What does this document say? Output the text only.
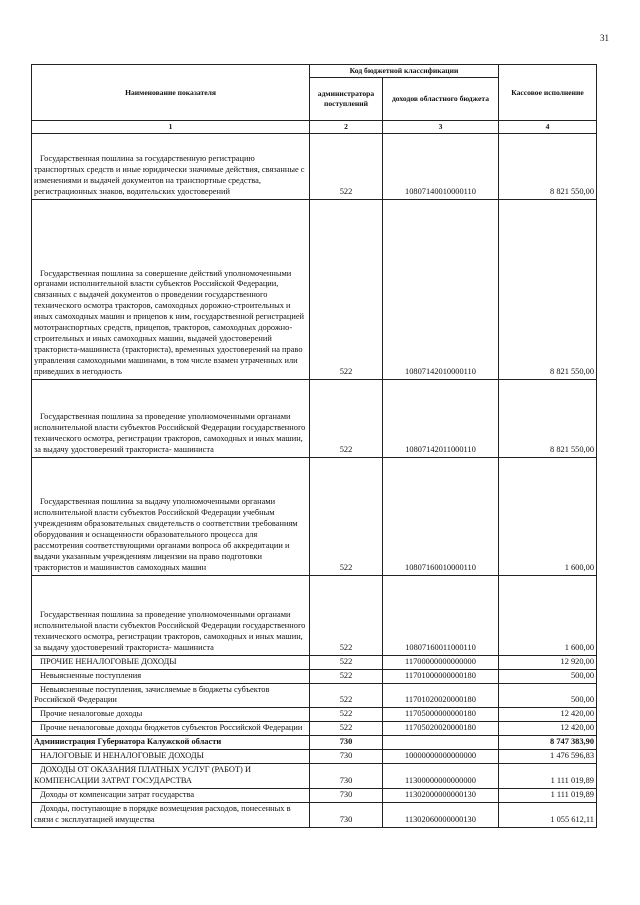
31
Наименование показателя	Код бюджетной классификации		Кассовое исполнение
	администратора поступлений	доходов областного бюджета	
1	2	3	4
Государственная пошлина за государственную регистрацию транспортных средств и иные юридически значимые действия, связанные с изменениями и выдачей документов на транспортные средства, регистрационных знаков, водительских удостоверений	522	10807140010000110	8 821 550,00
Государственная пошлина за совершение действий уполномоченными органами исполнительной власти субъектов Российской Федерации, связанных с выдачей документов о проведении государственного технического осмотра тракторов, самоходных дорожно-строительных и иных самоходных машин и прицепов к ним, государственной регистрацией мототранспортных средств, прицепов, тракторов, самоходных дорожно-строительных и иных самоходных машин, выдачей удостоверений тракториста-машиниста (тракториста), временных удостоверений на право управления самоходными машинами, в том числе взамен утраченных или приведших в негодность	522	10807142010000110	8 821 550,00
Государственная пошлина за проведение уполномоченными органами исполнительной власти субъектов Российской Федерации государственного технического осмотра, регистрации тракторов, самоходных и иных машин, за выдачу удостоверений тракториста- машиниста	522	10807142011000110	8 821 550,00
Государственная пошлина за выдачу уполномоченными органами исполнительной власти субъектов Российской Федерации учебным учреждениям образовательных свидетельств о соответствии требованиям оборудования и оснащенности образовательного процесса для рассмотрения соответствующими органами вопроса об аккредитации и выдачи указанным учреждениям лицензии на право подготовки трактористов и машинистов самоходных машин	522	10807160010000110	1 600,00
Государственная пошлина за проведение уполномоченными органами исполнительной власти субъектов Российской Федерации государственного технического осмотра, регистрации тракторов, самоходных и иных машин, за выдачу удостоверений тракториста- машиниста	522	10807160011000110	1 600,00
ПРОЧИЕ НЕНАЛОГОВЫЕ ДОХОДЫ	522	11700000000000000	12 920,00
Невыясненные поступления	522	11701000000000180	500,00
Невыясненные поступления, зачисляемые в бюджеты субъектов Российской Федерации	522	11701020020000180	500,00
Прочие неналоговые доходы	522	11705000000000180	12 420,00
Прочие неналоговые доходы бюджетов субъектов Российской Федерации	522	11705020020000180	12 420,00
Администрация Губернатора Калужской области	730		8 747 383,90
НАЛОГОВЫЕ И НЕНАЛОГОВЫЕ ДОХОДЫ	730	10000000000000000	1 476 596,83
ДОХОДЫ ОТ ОКАЗАНИЯ ПЛАТНЫХ УСЛУГ (РАБОТ) И КОМПЕНСАЦИИ ЗАТРАТ ГОСУДАРСТВА	730	11300000000000000	1 111 019,89
Доходы от компенсации затрат государства	730	11302000000000130	1 111 019,89
Доходы, поступающие в порядке возмещения расходов, понесенных в связи с эксплуатацией имущества	730	11302060000000130	1 055 612,11
